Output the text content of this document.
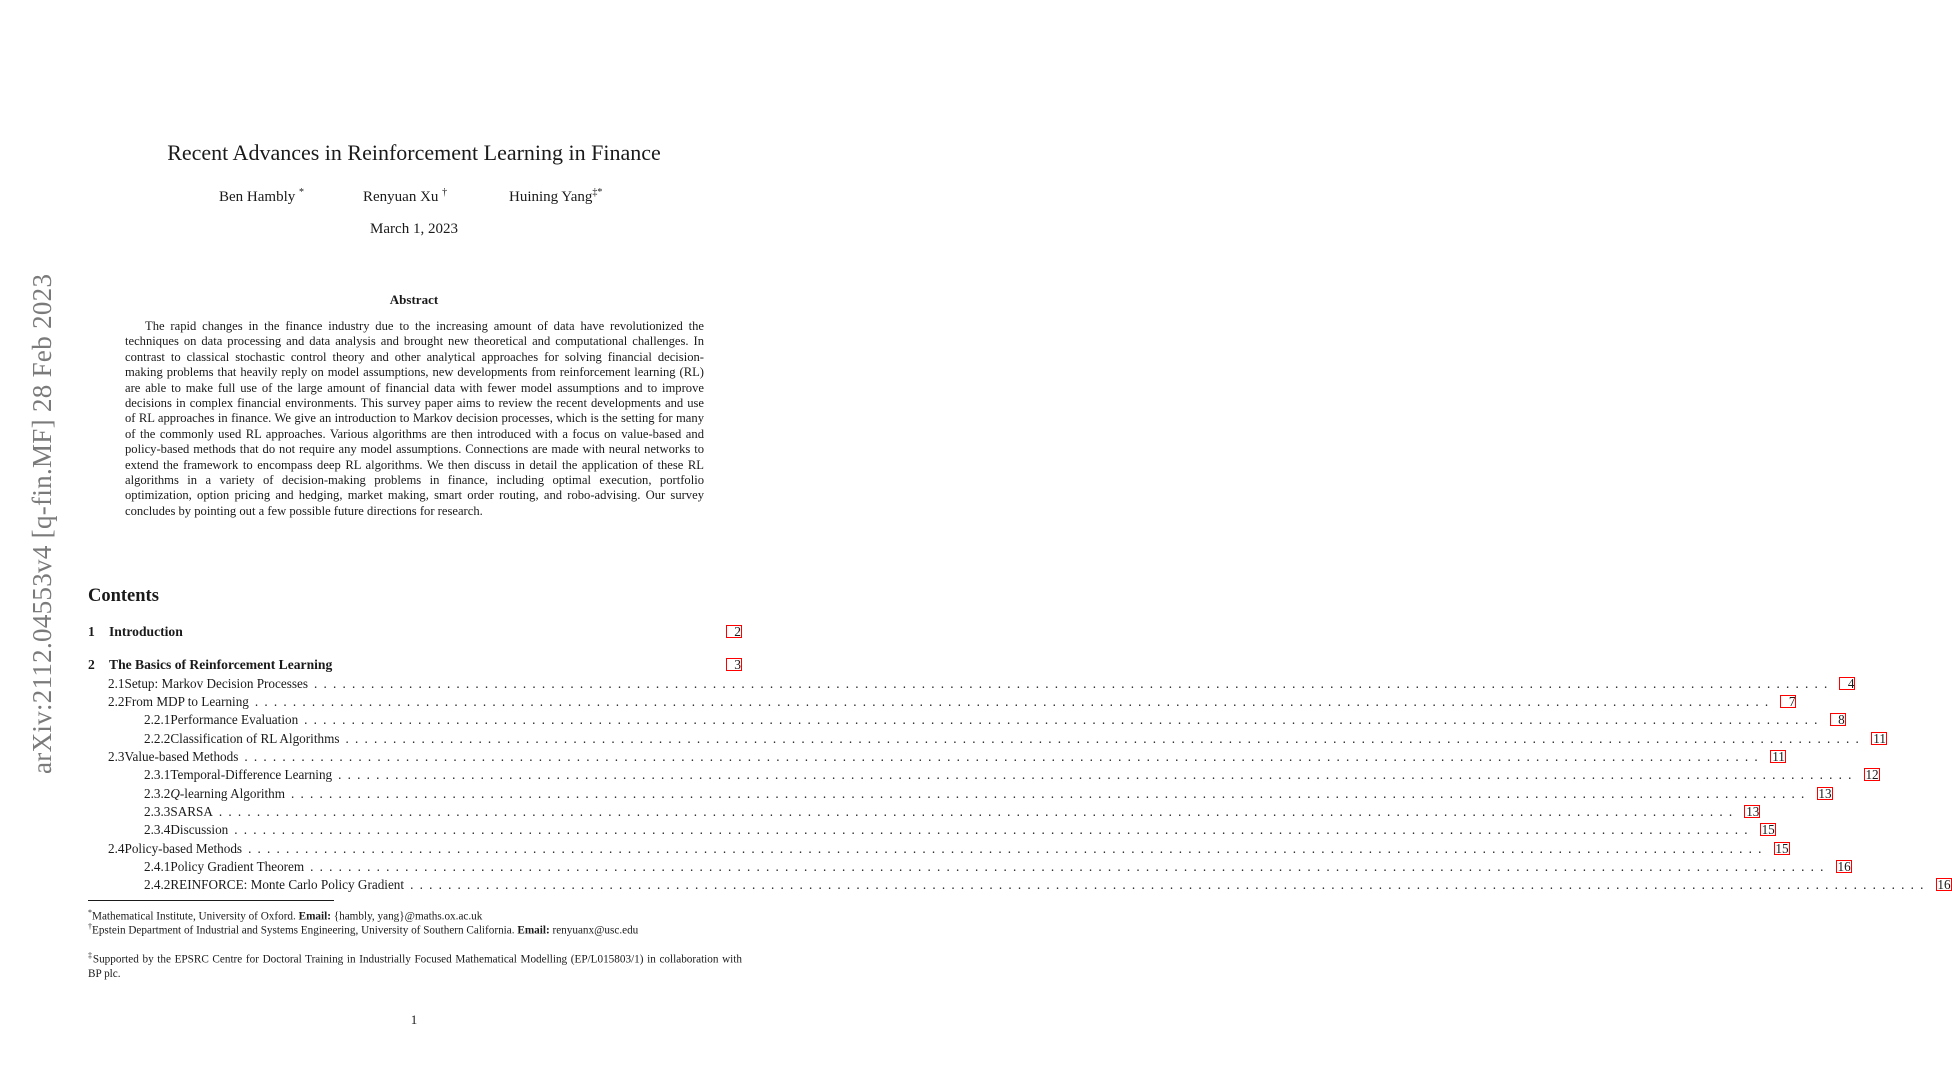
arXiv:2112.04553v4 [q-fin.MF] 28 Feb 2023
Recent Advances in Reinforcement Learning in Finance
Ben Hambly *	Renyuan Xu †	Huining Yang‡*
March 1, 2023
Abstract

The rapid changes in the finance industry due to the increasing amount of data have revolutionized the techniques on data processing and data analysis and brought new theoretical and computational challenges. In contrast to classical stochastic control theory and other analytical approaches for solving financial decision-making problems that heavily reply on model assumptions, new developments from reinforcement learning (RL) are able to make full use of the large amount of financial data with fewer model assumptions and to improve decisions in complex financial environments. This survey paper aims to review the recent developments and use of RL approaches in finance. We give an introduction to Markov decision processes, which is the setting for many of the commonly used RL approaches. Various algorithms are then introduced with a focus on value-based and policy-based methods that do not require any model assumptions. Connections are made with neural networks to extend the framework to encompass deep RL algorithms. We then discuss in detail the application of these RL algorithms in a variety of decision-making problems in finance, including optimal execution, portfolio optimization, option pricing and hedging, market making, smart order routing, and robo-advising. Our survey concludes by pointing out a few possible future directions for research.

Contents
1	Introduction	2
2	The Basics of Reinforcement Learning	3
2.1 Setup: Markov Decision Processes ................................................................................................................................................................	4
2.2 From MDP to Learning ................................................................................................................................................................	7
2.2.1 Performance Evaluation ................................................................................................................................................................	8
2.2.2 Classification of RL Algorithms ................................................................................................................................................................ 11
2.3 Value-based Methods ................................................................................................................................................................ 11
2.3.1 Temporal-Difference Learning ................................................................................................................................................................ 12
2.3.2 Q-learning Algorithm ................................................................................................................................................................ 13
2.3.3 SARSA ................................................................................................................................................................ 13
2.3.4 Discussion ................................................................................................................................................................ 15
2.4 Policy-based Methods ................................................................................................................................................................ 15
2.4.1 Policy Gradient Theorem ................................................................................................................................................................ 16
2.4.2 REINFORCE: Monte Carlo Policy Gradient ................................................................................................................................................................ 16

*Mathematical Institute, University of Oxford. Email: {hambly, yang}@maths.ox.ac.uk

†Epstein Department of Industrial and Systems Engineering, University of Southern California. Email: renyuanx@usc.edu

‡Supported by the EPSRC Centre for Doctoral Training in Industrially Focused Mathematical Modelling (EP/L015803/1) in collaboration with BP plc.

1
